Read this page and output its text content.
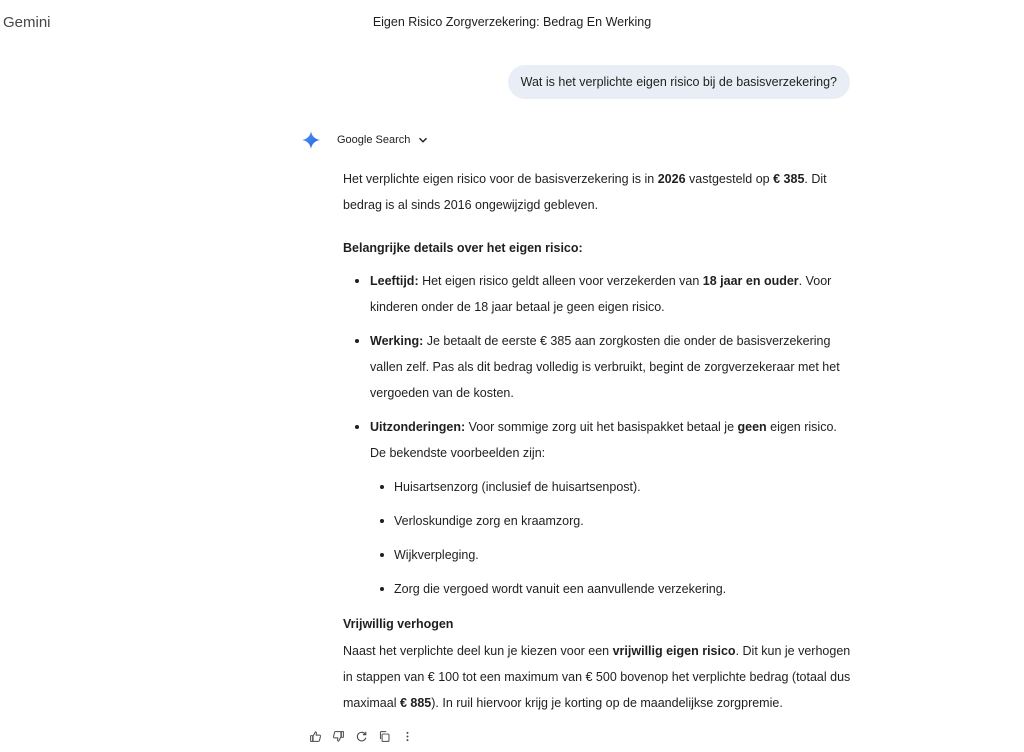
Gemini	Eigen Risico Zorgverzekering: Bedrag En Werking
Wat is het verplichte eigen risico bij de basisverzekering?
Google Search

Het verplichte eigen risico voor de basisverzekering is in 2026 vastgesteld op € 385. Dit bedrag is al sinds 2016 ongewijzigd gebleven.

Belangrijke details over het eigen risico:

Leeftijd: Het eigen risico geldt alleen voor verzekerden van 18 jaar en ouder. Voor kinderen onder de 18 jaar betaal je geen eigen risico.
Werking: Je betaalt de eerste € 385 aan zorgkosten die onder de basisverzekering vallen zelf. Pas als dit bedrag volledig is verbruikt, begint de zorgverzekeraar met het vergoeden van de kosten.
Uitzonderingen: Voor sommige zorg uit het basispakket betaal je geen eigen risico. De bekendste voorbeelden zijn:
Huisartsenzorg (inclusief de huisartsenpost).
Verloskundige zorg en kraamzorg.
Wijkverpleging.
Zorg die vergoed wordt vanuit een aanvullende verzekering.

Vrijwillig verhogen

Naast het verplichte deel kun je kiezen voor een vrijwillig eigen risico. Dit kun je verhogen in stappen van € 100 tot een maximum van € 500 bovenop het verplichte bedrag (totaal dus maximaal € 885). In ruil hiervoor krijg je korting op de maandelijkse zorgpremie.
